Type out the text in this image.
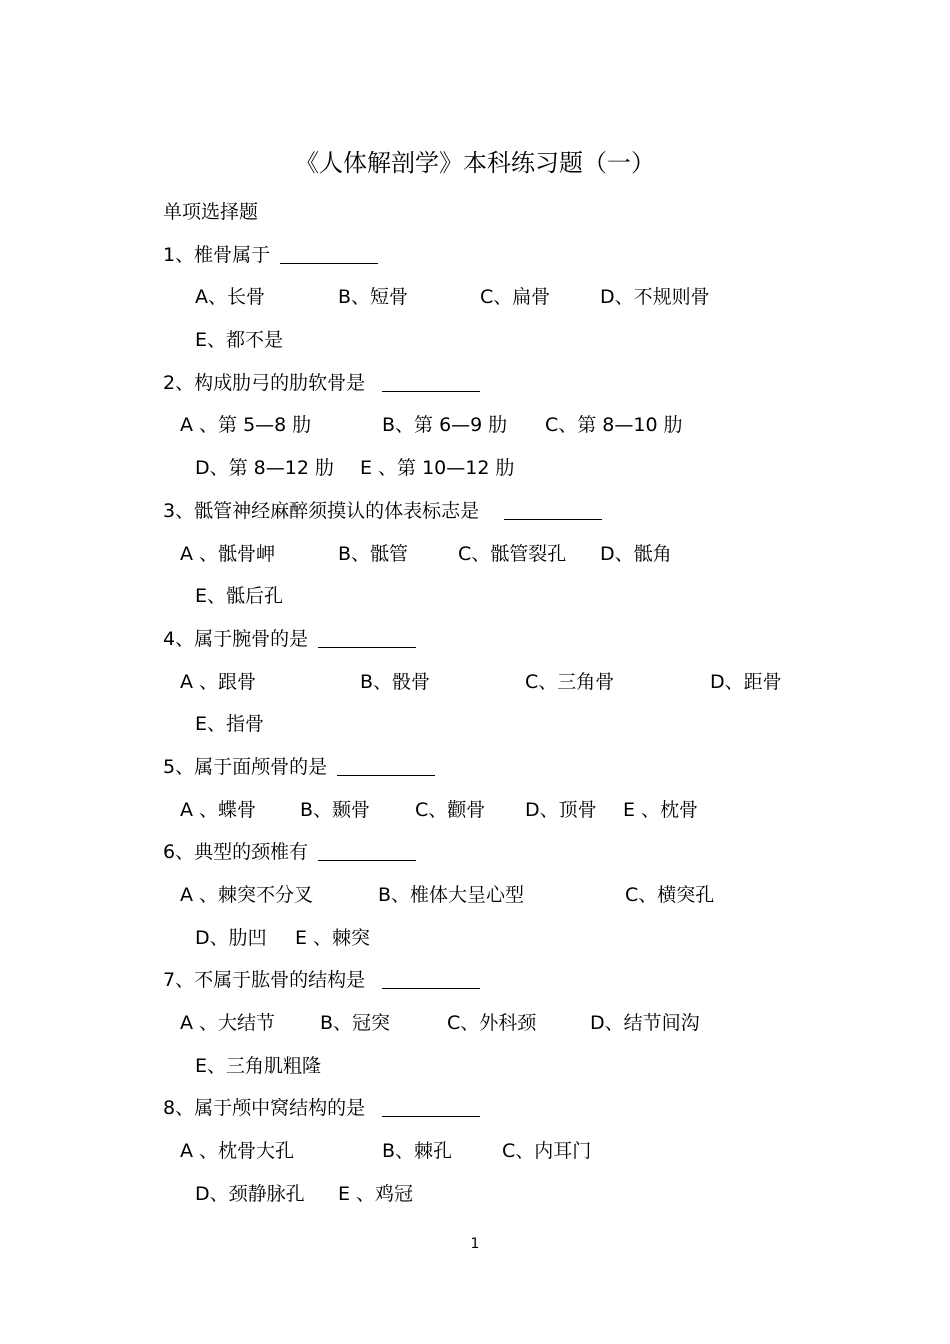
《人体解剖学》本科练习题（一）
单项选择题
1、椎骨属于
A、长骨	B、短骨	C、扁骨	D、不规则骨
E、都不是
2、构成肋弓的肋软骨是
A 、第 5—8 肋	B、第 6—9 肋 C、第 8—10 肋
D、第 8—12 肋 E 、第 10—12 肋
3、骶管神经麻醉须摸认的体表标志是
A 、骶骨岬	B、骶管	C、骶管裂孔 D、骶角
E、骶后孔
4、属于腕骨的是
A 、跟骨	B、骰骨	C、三角骨	D、距骨
E、指骨
5、属于面颅骨的是
A 、蝶骨 B、颞骨 C、颧骨 D、顶骨 E 、枕骨
6、典型的颈椎有
A 、棘突不分叉	B、椎体大呈心型	C、横突孔
D、肋凹 E 、棘突
7、不属于肱骨的结构是
A 、大结节 B、冠突	C、外科颈	D、结节间沟
E、三角肌粗隆
8、属于颅中窝结构的是
A 、枕骨大孔	B、棘孔	C、内耳门
D、颈静脉孔 E 、鸡冠
1
